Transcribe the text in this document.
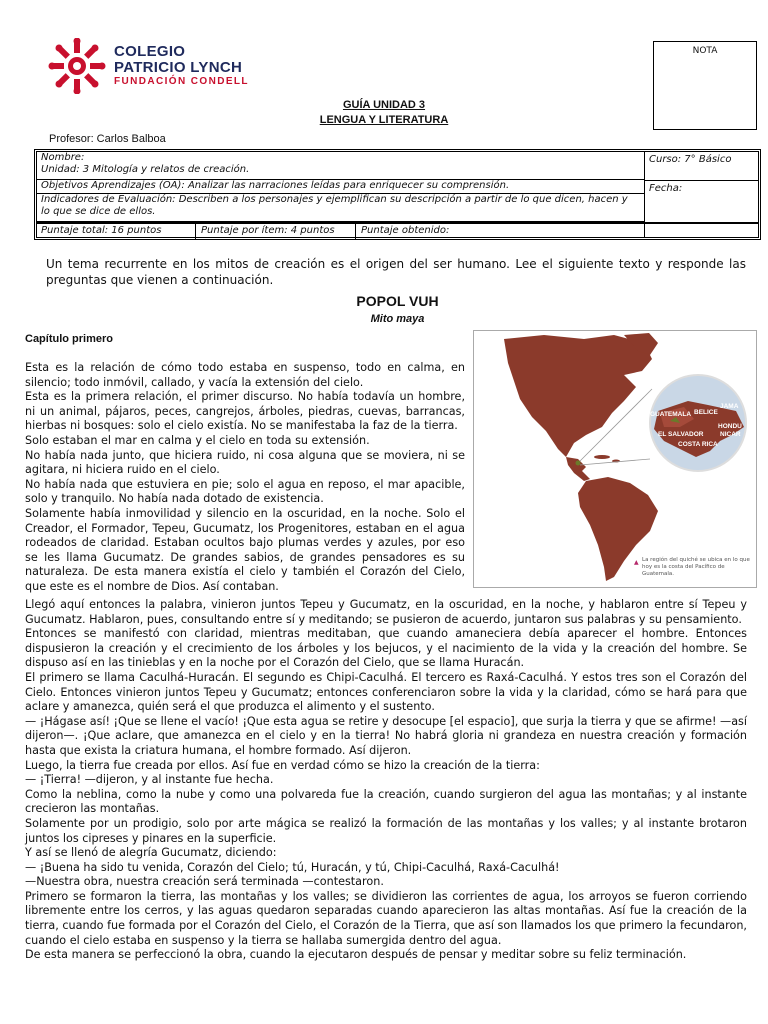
COLEGIO
PATRICIO LYNCH
FUNDACIÓN CONDELL
NOTA
GUÍA UNIDAD 3
LENGUA Y LITERATURA
Profesor: Carlos Balboa
Nombre:
Unidad: 3 Mitología y relatos de creación.
Objetivos Aprendizajes (OA): Analizar las narraciones leídas para enriquecer su comprensión.
Indicadores de Evaluación: Describen a los personajes y ejemplifican su descripción a partir de lo que dicen, hacen y
lo que se dice de ellos.
Puntaje total: 16 puntos	Puntaje por ítem: 4 puntos	Puntaje obtenido:
Curso: 7° Básico
Fecha:
Un tema recurrente en los mitos de creación es el origen del ser humano. Lee el siguiente texto y responde las preguntas que vienen a continuación.
POPOL VUH
Mito maya
Capítulo primero
Esta es la relación de cómo todo estaba en suspenso, todo en calma, en silencio; todo inmóvil, callado, y vacía la extensión del cielo.
Esta es la primera relación, el primer discurso. No había todavía un hombre, ni un animal, pájaros, peces, cangrejos, árboles, piedras, cuevas, barrancas, hierbas ni bosques: solo el cielo existía. No se manifestaba la faz de la tierra.
Solo estaban el mar en calma y el cielo en toda su extensión.
No había nada junto, que hiciera ruido, ni cosa alguna que se moviera, ni se agitara, ni hiciera ruido en el cielo.
No había nada que estuviera en pie; solo el agua en reposo, el mar apacible, solo y tranquilo. No había nada dotado de existencia.
Solamente había inmovilidad y silencio en la oscuridad, en la noche. Solo el Creador, el Formador, Tepeu, Gucumatz, los Progenitores, estaban en el agua rodeados de claridad. Estaban ocultos bajo plumas verdes y azules, por eso se les llama Gucumatz. De grandes sabios, de grandes pensadores es su naturaleza. De esta manera existía el cielo y también el Corazón del Cielo, que este es el nombre de Dios. Así contaban.
GUATEMALA BELICE
JAMA
HONDU
EL SALVADOR	NICAR
COSTA RICA
▲ La región del quiché se ubica en lo que hoy es la costa del Pacífico de Guatemala.
Llegó aquí entonces la palabra, vinieron juntos Tepeu y Gucumatz, en la oscuridad, en la noche, y hablaron entre sí Tepeu y Gucumatz. Hablaron, pues, consultando entre sí y meditando; se pusieron de acuerdo, juntaron sus palabras y su pensamiento.
Entonces se manifestó con claridad, mientras meditaban, que cuando amaneciera debía aparecer el hombre. Entonces dispusieron la creación y el crecimiento de los árboles y los bejucos, y el nacimiento de la vida y la creación del hombre. Se dispuso así en las tinieblas y en la noche por el Corazón del Cielo, que se llama Huracán.
El primero se llama Caculhá-Huracán. El segundo es Chipi-Caculhá. El tercero es Raxá-Caculhá. Y estos tres son el Corazón del Cielo. Entonces vinieron juntos Tepeu y Gucumatz; entonces conferenciaron sobre la vida y la claridad, cómo se hará para que aclare y amanezca, quién será el que produzca el alimento y el sustento.
— ¡Hágase así! ¡Que se llene el vacío! ¡Que esta agua se retire y desocupe [el espacio], que surja la tierra y que se afirme! —así dijeron—. ¡Que aclare, que amanezca en el cielo y en la tierra! No habrá gloria ni grandeza en nuestra creación y formación hasta que exista la criatura humana, el hombre formado. Así dijeron.
Luego, la tierra fue creada por ellos. Así fue en verdad cómo se hizo la creación de la tierra:
— ¡Tierra! —dijeron, y al instante fue hecha.
Como la neblina, como la nube y como una polvareda fue la creación, cuando surgieron del agua las montañas; y al instante crecieron las montañas.
Solamente por un prodigio, solo por arte mágica se realizó la formación de las montañas y los valles; y al instante brotaron juntos los cipreses y pinares en la superficie.
Y así se llenó de alegría Gucumatz, diciendo:
— ¡Buena ha sido tu venida, Corazón del Cielo; tú, Huracán, y tú, Chipi-Caculhá, Raxá-Caculhá!
—Nuestra obra, nuestra creación será terminada —contestaron.
Primero se formaron la tierra, las montañas y los valles; se dividieron las corrientes de agua, los arroyos se fueron corriendo libremente entre los cerros, y las aguas quedaron separadas cuando aparecieron las altas montañas. Así fue la creación de la tierra, cuando fue formada por el Corazón del Cielo, el Corazón de la Tierra, que así son llamados los que primero la fecundaron, cuando el cielo estaba en suspenso y la tierra se hallaba sumergida dentro del agua.
De esta manera se perfeccionó la obra, cuando la ejecutaron después de pensar y meditar sobre su feliz terminación.
